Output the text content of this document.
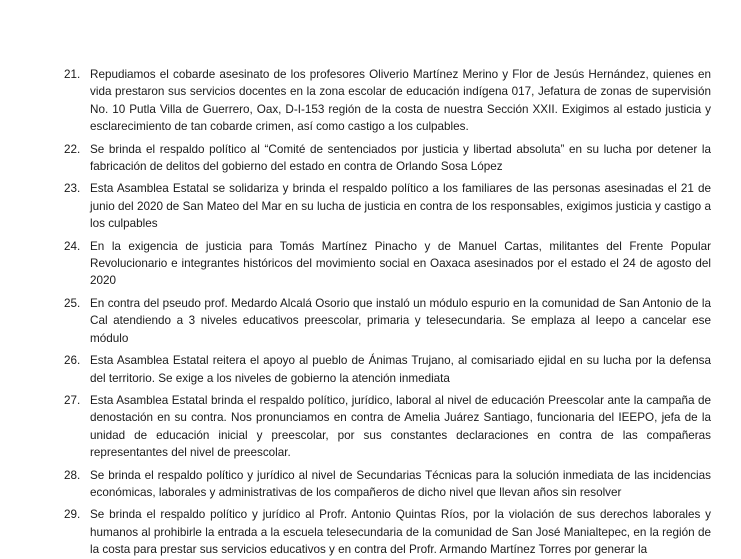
21. Repudiamos el cobarde asesinato de los profesores Oliverio Martínez Merino y Flor de Jesús Hernández, quienes en vida prestaron sus servicios docentes en la zona escolar de educación indígena 017, Jefatura de zonas de supervisión No. 10 Putla Villa de Guerrero, Oax, D-I-153 región de la costa de nuestra Sección XXII. Exigimos al estado justicia y esclarecimiento de tan cobarde crimen, así como castigo a los culpables.
22. Se brinda el respaldo político al “Comité de sentenciados por justicia y libertad absoluta” en su lucha por detener la fabricación de delitos del gobierno del estado en contra de Orlando Sosa López
23. Esta Asamblea Estatal se solidariza y brinda el respaldo político a los familiares de las personas asesinadas el 21 de junio del 2020 de San Mateo del Mar en su lucha de justicia en contra de los responsables, exigimos justicia y castigo a los culpables
24. En la exigencia de justicia para Tomás Martínez Pinacho y de Manuel Cartas, militantes del Frente Popular Revolucionario e integrantes históricos del movimiento social en Oaxaca asesinados por el estado el 24 de agosto del 2020
25. En contra del pseudo prof. Medardo Alcalá Osorio que instaló un módulo espurio en la comunidad de San Antonio de la Cal atendiendo a 3 niveles educativos preescolar, primaria y telesecundaria. Se emplaza al Ieepo a cancelar ese módulo
26. Esta Asamblea Estatal reitera el apoyo al pueblo de Ánimas Trujano, al comisariado ejidal en su lucha por la defensa del territorio. Se exige a los niveles de gobierno la atención inmediata
27. Esta Asamblea Estatal brinda el respaldo político, jurídico, laboral al nivel de educación Preescolar ante la campaña de denostación en su contra. Nos pronunciamos en contra de Amelia Juárez Santiago, funcionaria del IEEPO, jefa de la unidad de educación inicial y preescolar, por sus constantes declaraciones en contra de las compañeras representantes del nivel de preescolar.
28. Se brinda el respaldo político y jurídico al nivel de Secundarias Técnicas para la solución inmediata de las incidencias económicas, laborales y administrativas de los compañeros de dicho nivel que llevan años sin resolver
29. Se brinda el respaldo político y jurídico al Profr. Antonio Quintas Ríos, por la violación de sus derechos laborales y humanos al prohibirle la entrada a la escuela telesecundaria de la comunidad de San José Manialtepec, en la región de la costa para prestar sus servicios educativos y en contra del Profr. Armando Martínez Torres por generar la
